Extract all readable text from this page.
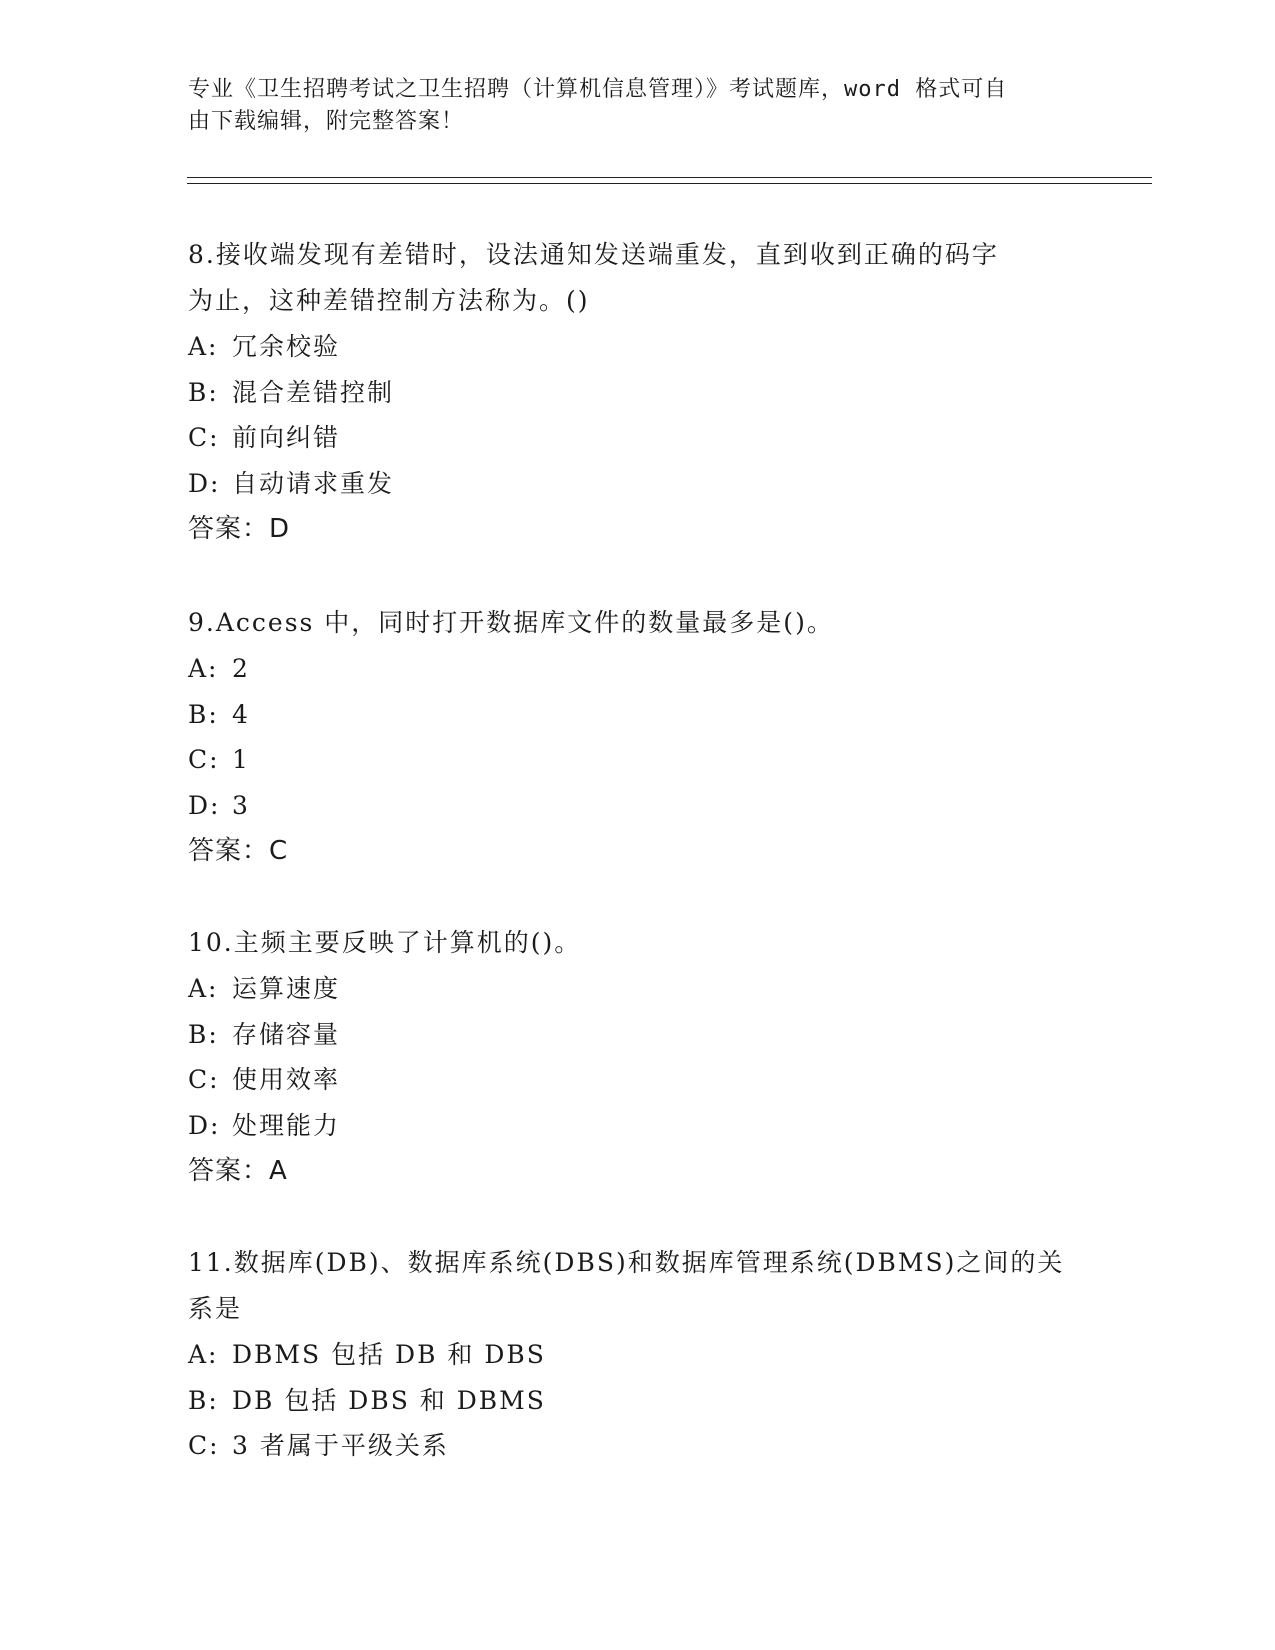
专业《卫生招聘考试之卫生招聘（计算机信息管理）》考试题库，word 格式可自
由下载编辑，附完整答案！

8.接收端发现有差错时，设法通知发送端重发，直到收到正确的码字

为止，这种差错控制方法称为。()

A: 冗余校验

B: 混合差错控制

C: 前向纠错

D: 自动请求重发

答案：D

9.Access 中，同时打开数据库文件的数量最多是()。

A: 2

B: 4

C: 1

D: 3

答案：C

10.主频主要反映了计算机的()。

A: 运算速度

B: 存储容量

C: 使用效率

D: 处理能力

答案：A

11.数据库(DB)、数据库系统(DBS)和数据库管理系统(DBMS)之间的关

系是

A: DBMS 包括 DB 和 DBS

B: DB 包括 DBS 和 DBMS

C: 3 者属于平级关系
